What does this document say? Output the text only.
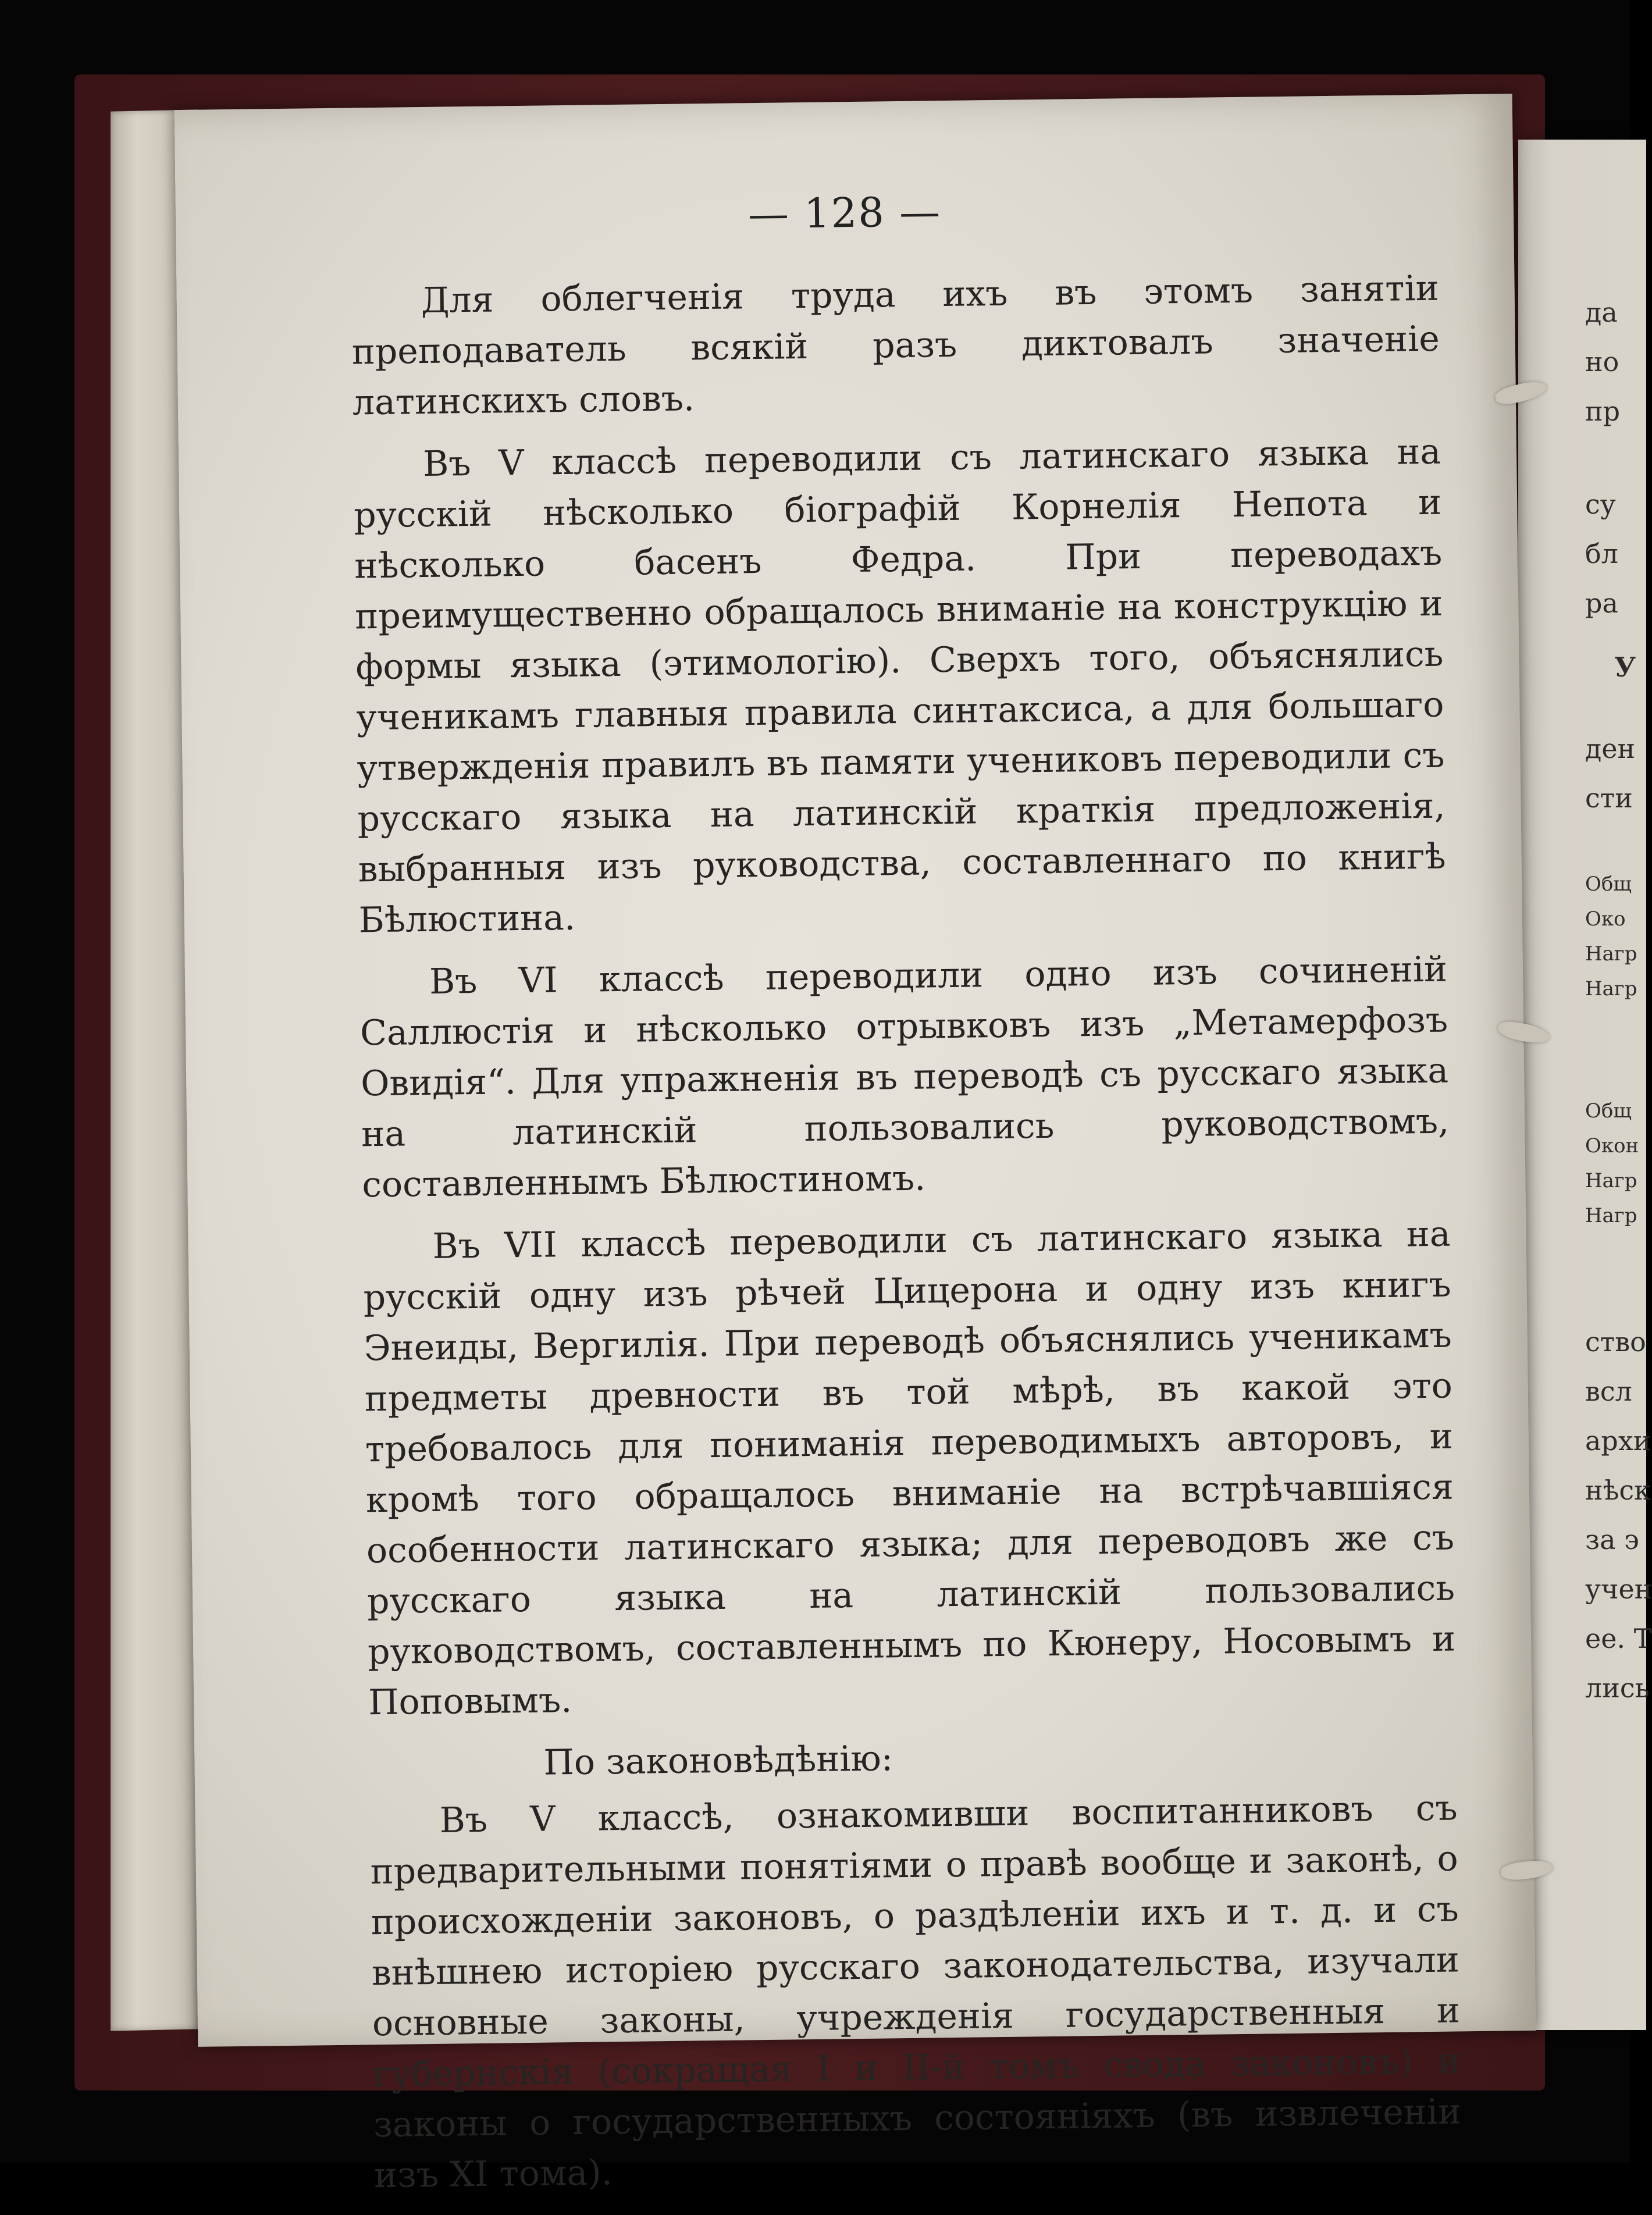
да
но
пр
су
бл
ра
У
ден
сти
Общ
Око
Нагр
Нагр
Общ
Окон
Нагр
Нагр
ство
всл
архи
нѣск
за э
учен
ее. Т
лись
— 128 —

Для облегченія труда ихъ въ этомъ занятіи преподаватель всякій разъ диктовалъ значеніе латинскихъ словъ.

Въ V классѣ переводили съ латинскаго языка на русскій нѣсколько біографій Корнелія Непота и нѣсколько басенъ Федра. При переводахъ преимущественно обращалось вниманіе на конструкцію и формы языка (этимологію). Сверхъ того, объяснялись ученикамъ главныя правила синтаксиса, а для большаго утвержденія правилъ въ памяти учениковъ переводили съ русскаго языка на латинскій краткія предложенія, выбранныя изъ руководства, составленнаго по книгѣ Бѣлюстина.

Въ VI классѣ переводили одно изъ сочиненій Саллюстія и нѣсколько отрывковъ изъ „Метамерфозъ Овидія“. Для упражненія въ переводѣ съ русскаго языка на латинскій пользовались руководствомъ, составленнымъ Бѣлюстиномъ.

Въ VII классѣ переводили съ латинскаго языка на русскій одну изъ рѣчей Цицерона и одну изъ книгъ Энеиды, Вергилія. При переводѣ объяснялись ученикамъ предметы древности въ той мѣрѣ, въ какой это требовалось для пониманія переводимыхъ авторовъ, и кромѣ того обращалось вниманіе на встрѣчавшіяся особенности латинскаго языка; для переводовъ же съ русскаго языка на латинскій пользовались руководствомъ, составленнымъ по Кюнеру, Носовымъ и Поповымъ.

По законовѣдѣнію:

Въ V классѣ, ознакомивши воспитанниковъ съ предварительными понятіями о правѣ вообще и законѣ, о происхожденіи законовъ, о раздѣленіи ихъ и т. д. и съ внѣшнею исторіею русскаго законодательства, изучали основные законы, учрежденія государственныя и губернскія (сокращая I и II-й томъ свода законовъ) и законы о государственныхъ состояніяхъ (въ извлеченіи изъ XI тома).
